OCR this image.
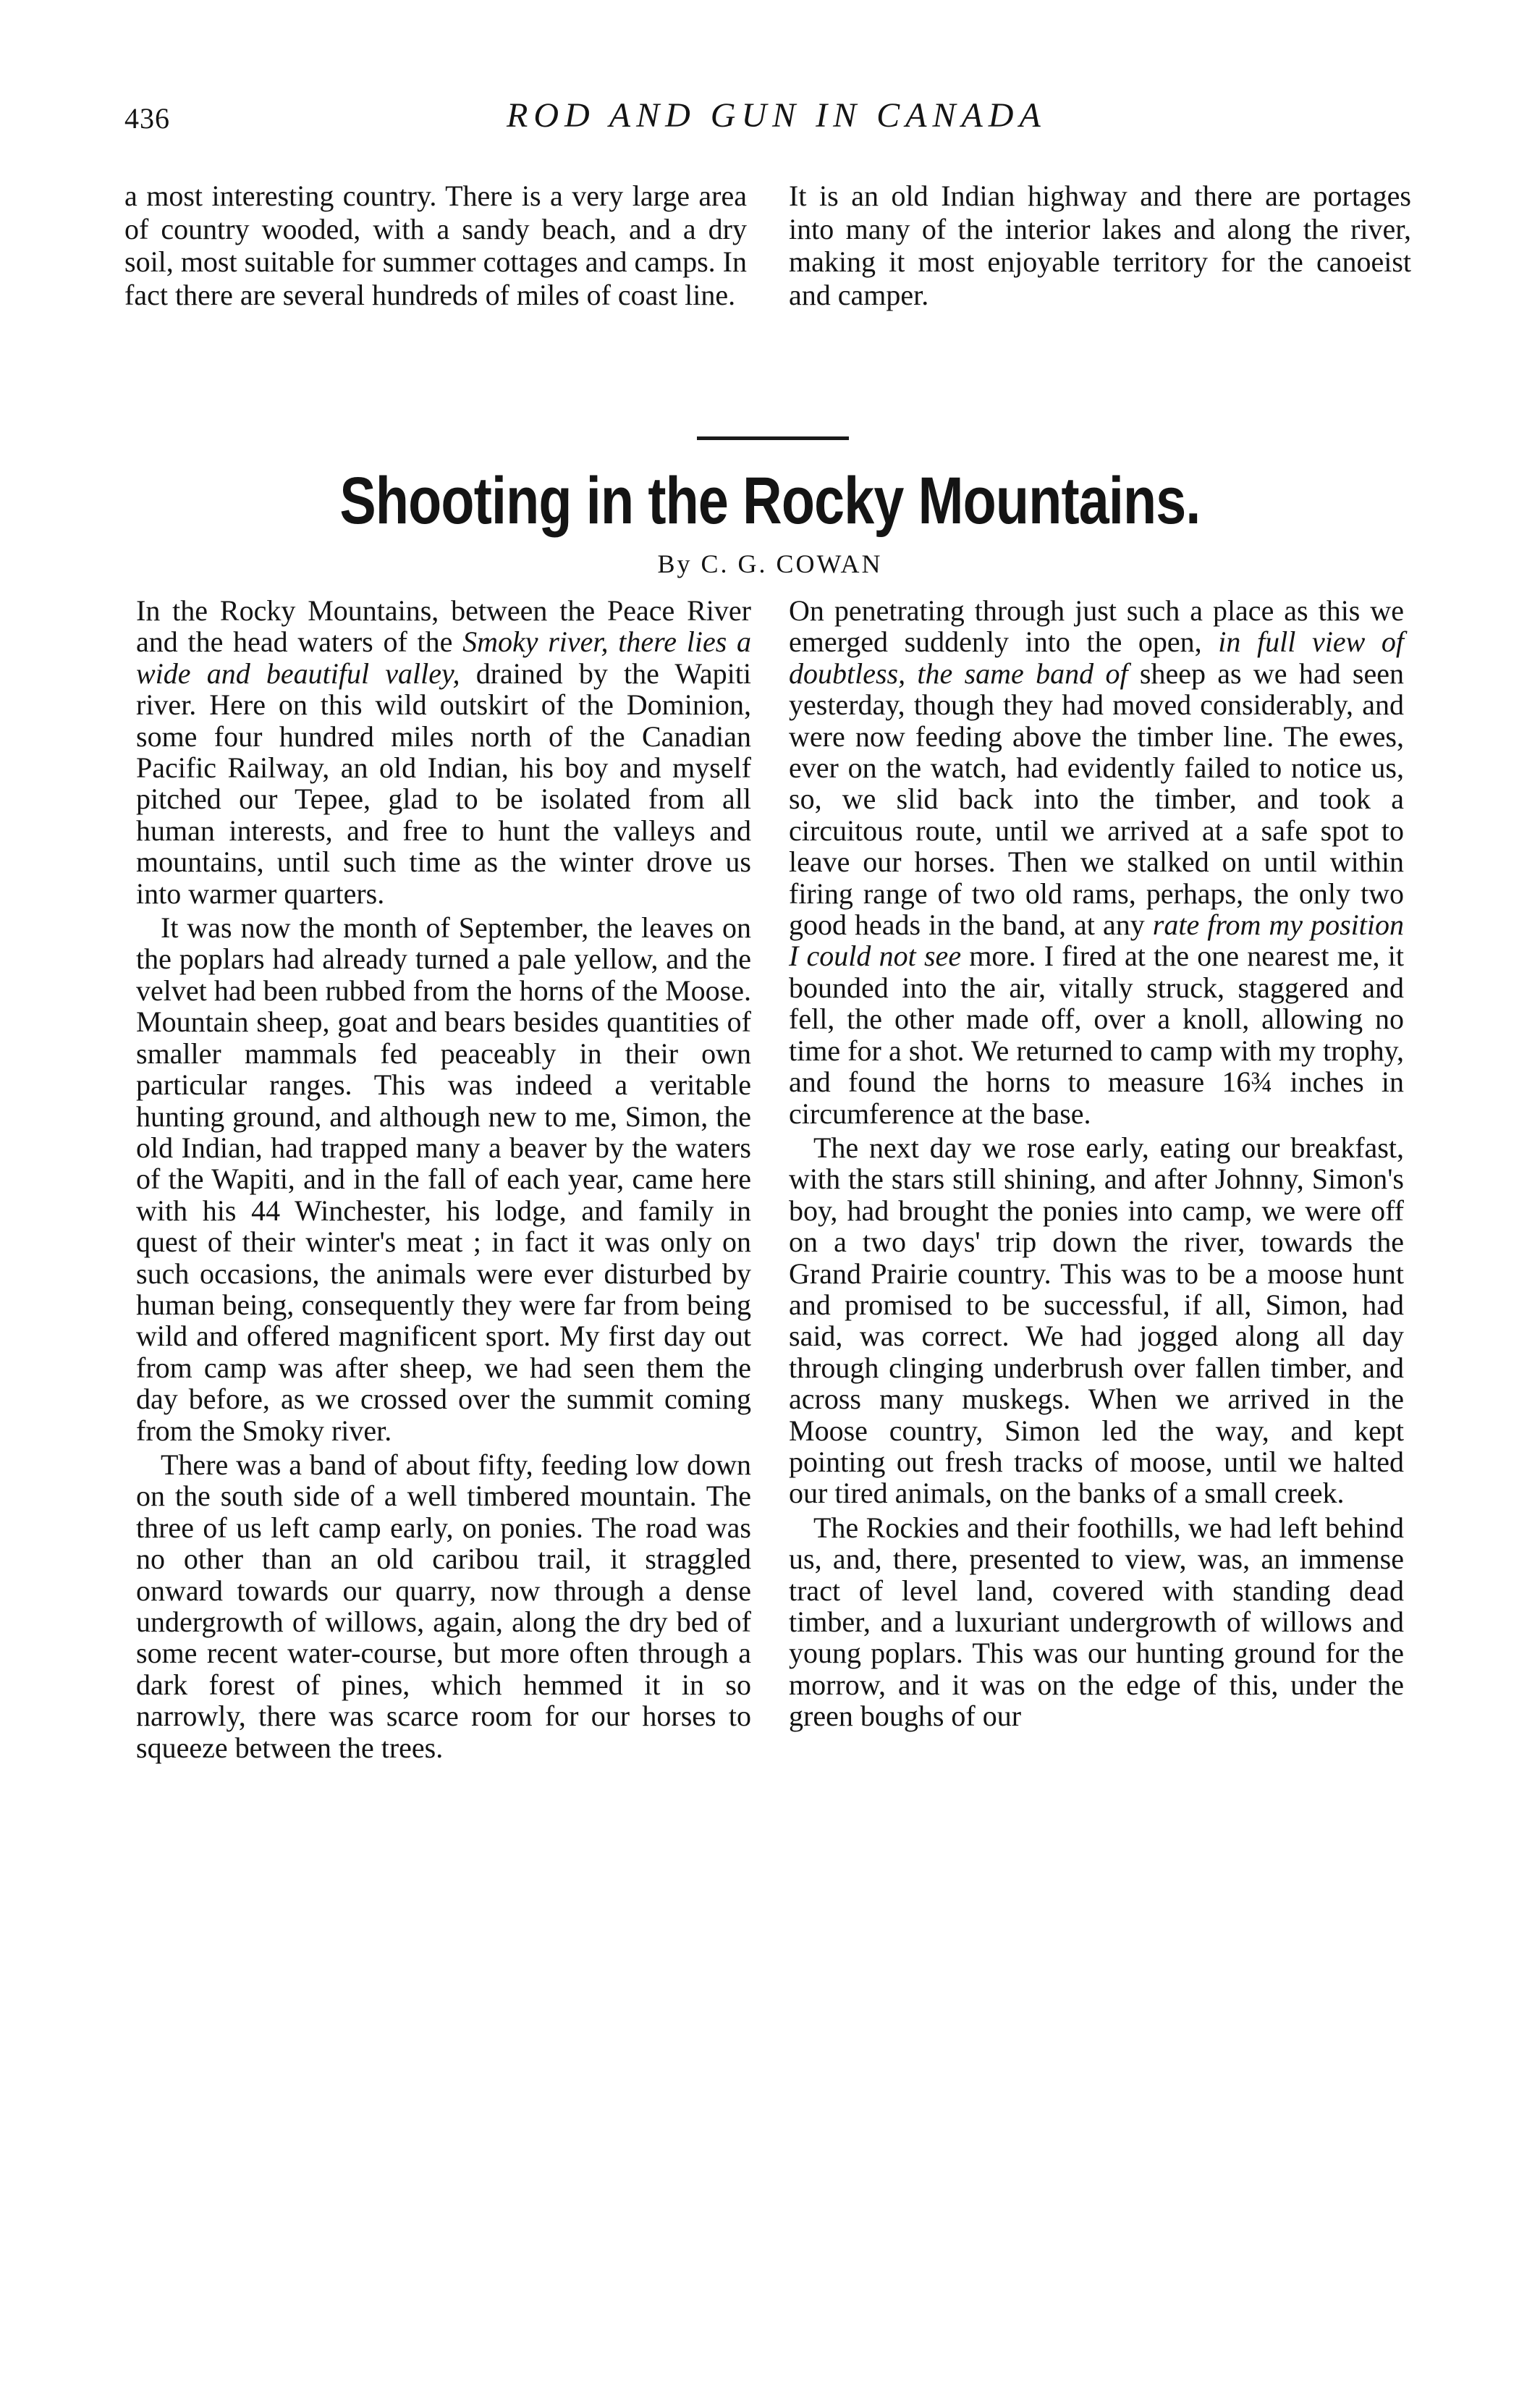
436	ROD AND GUN IN CANADA

a most interesting country. There is a very large area of country wooded, with a sandy beach, and a dry soil, most suitable for summer cottages and camps. In fact there are several hundreds of miles of coast line.

It is an old Indian highway and there are portages into many of the interior lakes and along the river, making it most enjoyable territory for the canoeist and camper.

Shooting in the Rocky Mountains.
By C. G. COWAN

In the Rocky Mountains, between the Peace River and the head waters of the Smoky river, there lies a wide and beautiful valley, drained by the Wapiti river. Here on this wild outskirt of the Dominion, some four hundred miles north of the Canadian Pacific Railway, an old Indian, his boy and myself pitched our Tepee, glad to be isolated from all human interests, and free to hunt the valleys and mountains, until such time as the winter drove us into warmer quarters.

It was now the month of September, the leaves on the poplars had already turned a pale yellow, and the velvet had been rubbed from the horns of the Moose. Mountain sheep, goat and bears besides quantities of smaller mammals fed peaceably in their own particular ranges. This was indeed a veritable hunting ground, and although new to me, Simon, the old Indian, had trapped many a beaver by the waters of the Wapiti, and in the fall of each year, came here with his 44 Winchester, his lodge, and family in quest of their winter's meat ; in fact it was only on such occasions, the animals were ever disturbed by human being, consequently they were far from being wild and offered magnificent sport. My first day out from camp was after sheep, we had seen them the day before, as we crossed over the summit coming from the Smoky river.

There was a band of about fifty, feeding low down on the south side of a well timbered mountain. The three of us left camp early, on ponies. The road was no other than an old caribou trail, it straggled onward towards our quarry, now through a dense undergrowth of willows, again, along the dry bed of some recent water-course, but more often through a dark forest of pines, which hemmed it in so narrowly, there was scarce room for our horses to squeeze between the trees.

On penetrating through just such a place as this we emerged suddenly into the open, in full view of doubtless, the same band of sheep as we had seen yesterday, though they had moved considerably, and were now feeding above the timber line. The ewes, ever on the watch, had evidently failed to notice us, so, we slid back into the timber, and took a circuitous route, until we arrived at a safe spot to leave our horses. Then we stalked on until within firing range of two old rams, perhaps, the only two good heads in the band, at any rate from my position I could not see more. I fired at the one nearest me, it bounded into the air, vitally struck, staggered and fell, the other made off, over a knoll, allowing no time for a shot. We returned to camp with my trophy, and found the horns to measure 16¾ inches in circumference at the base.

The next day we rose early, eating our breakfast, with the stars still shining, and after Johnny, Simon's boy, had brought the ponies into camp, we were off on a two days' trip down the river, towards the Grand Prairie country. This was to be a moose hunt and promised to be successful, if all, Simon, had said, was correct. We had jogged along all day through clinging underbrush over fallen timber, and across many muskegs. When we arrived in the Moose country, Simon led the way, and kept pointing out fresh tracks of moose, until we halted our tired animals, on the banks of a small creek.

The Rockies and their foothills, we had left behind us, and, there, presented to view, was, an immense tract of level land, covered with standing dead timber, and a luxuriant undergrowth of willows and young poplars. This was our hunting ground for the morrow, and it was on the edge of this, under the green boughs of our
